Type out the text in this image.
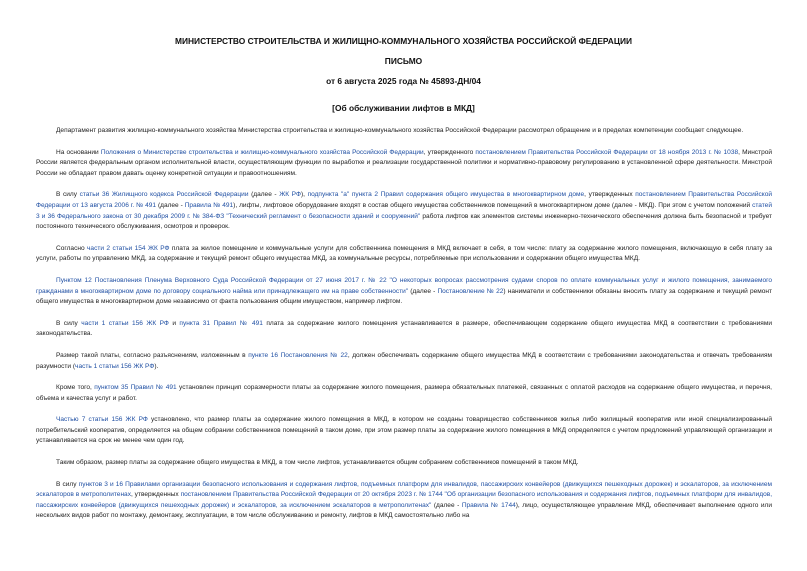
МИНИСТЕРСТВО СТРОИТЕЛЬСТВА И ЖИЛИЩНО-КОММУНАЛЬНОГО ХОЗЯЙСТВА РОССИЙСКОЙ ФЕДЕРАЦИИ
ПИСЬМО
от 6 августа 2025 года № 45893-ДН/04
[Об обслуживании лифтов в МКД]

Департамент развития жилищно-коммунального хозяйства Министерства строительства и жилищно-коммунального хозяйства Российской Федерации рассмотрел обращение и в пределах компетенции сообщает следующее.

На основании Положения о Министерстве строительства и жилищно-коммунального хозяйства Российской Федерации, утвержденного постановлением Правительства Российской Федерации от 18 ноября 2013 г. № 1038, Минстрой России является федеральным органом исполнительной власти, осуществляющим функции по выработке и реализации государственной политики и нормативно-правовому регулированию в установленной сфере деятельности. Минстрой России не обладает правом давать оценку конкретной ситуации и правоотношениям.

В силу статьи 36 Жилищного кодекса Российской Федерации (далее - ЖК РФ), подпункта "а" пункта 2 Правил содержания общего имущества в многоквартирном доме, утвержденных постановлением Правительства Российской Федерации от 13 августа 2006 г. № 491 (далее - Правила № 491), лифты, лифтовое оборудование входят в состав общего имущества собственников помещений в многоквартирном доме (далее - МКД). При этом с учетом положений статей 3 и 36 Федерального закона от 30 декабря 2009 г. № 384-ФЗ "Технический регламент о безопасности зданий и сооружений" работа лифтов как элементов системы инженерно-технического обеспечения должна быть безопасной и требует постоянного технического обслуживания, осмотров и проверок.

Согласно части 2 статьи 154 ЖК РФ плата за жилое помещение и коммунальные услуги для собственника помещения в МКД включает в себя, в том числе: плату за содержание жилого помещения, включающую в себя плату за услуги, работы по управлению МКД, за содержание и текущий ремонт общего имущества МКД, за коммунальные ресурсы, потребляемые при использовании и содержании общего имущества МКД.

Пунктом 12 Постановления Пленума Верховного Суда Российской Федерации от 27 июня 2017 г. № 22 "О некоторых вопросах рассмотрения судами споров по оплате коммунальных услуг и жилого помещения, занимаемого гражданами в многоквартирном доме по договору социального найма или принадлежащего им на праве собственности" (далее - Постановление № 22) наниматели и собственники обязаны вносить плату за содержание и текущий ремонт общего имущества в многоквартирном доме независимо от факта пользования общим имуществом, например лифтом.

В силу части 1 статьи 156 ЖК РФ и пункта 31 Правил № 491 плата за содержание жилого помещения устанавливается в размере, обеспечивающем содержание общего имущества МКД в соответствии с требованиями законодательства.

Размер такой платы, согласно разъяснениям, изложенным в пункте 16 Постановления № 22, должен обеспечивать содержание общего имущества МКД в соответствии с требованиями законодательства и отвечать требованиям разумности (часть 1 статьи 156 ЖК РФ).

Кроме того, пунктом 35 Правил № 491 установлен принцип соразмерности платы за содержание жилого помещения, размера обязательных платежей, связанных с оплатой расходов на содержание общего имущества, и перечня, объема и качества услуг и работ.

Частью 7 статьи 156 ЖК РФ установлено, что размер платы за содержание жилого помещения в МКД, в котором не созданы товарищество собственников жилья либо жилищный кооператив или иной специализированный потребительский кооператив, определяется на общем собрании собственников помещений в таком доме, при этом размер платы за содержание жилого помещения в МКД определяется с учетом предложений управляющей организации и устанавливается на срок не менее чем один год.

Таким образом, размер платы за содержание общего имущества в МКД, в том числе лифтов, устанавливается общим собранием собственников помещений в таком МКД.

В силу пунктов 3 и 16 Правилами организации безопасного использования и содержания лифтов, подъемных платформ для инвалидов, пассажирских конвейеров (движущихся пешеходных дорожек) и эскалаторов, за исключением эскалаторов в метрополитенах, утвержденных постановлением Правительства Российской Федерации от 20 октября 2023 г. № 1744 "Об организации безопасного использования и содержания лифтов, подъемных платформ для инвалидов, пассажирских конвейеров (движущихся пешеходных дорожек) и эскалаторов, за исключением эскалаторов в метрополитенах" (далее - Правила № 1744), лицо, осуществляющее управление МКД, обеспечивает выполнение одного или нескольких видов работ по монтажу, демонтажу, эксплуатации, в том числе обслуживанию и ремонту, лифтов в МКД самостоятельно либо на
